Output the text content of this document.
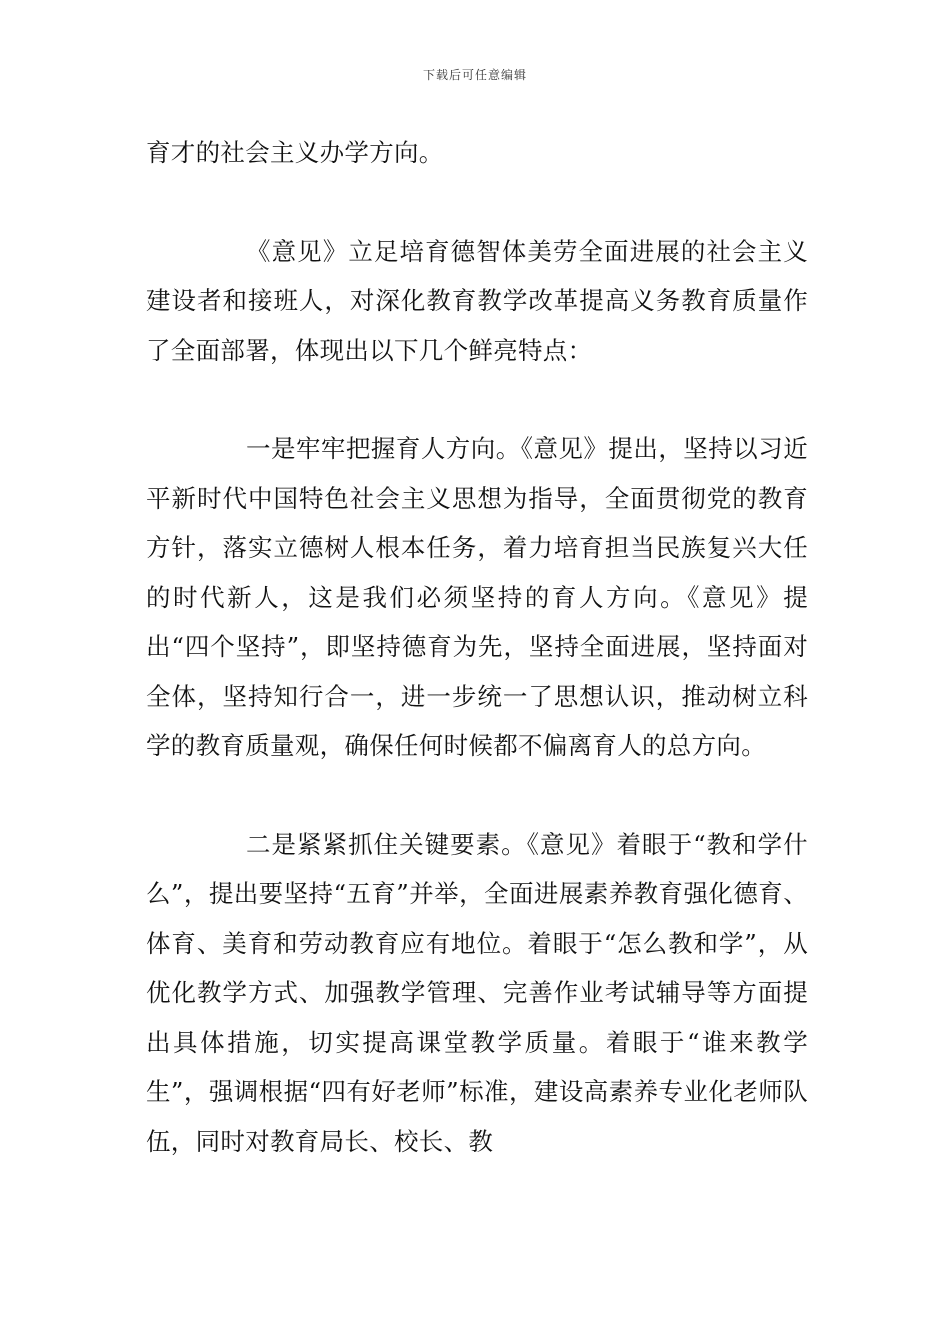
下载后可任意编辑

育才的社会主义办学方向。

《意见》立足培育德智体美劳全面进展的社会主义建设者和接班人，对深化教育教学改革提高义务教育质量作了全面部署，体现出以下几个鲜亮特点：

一是牢牢把握育人方向。《意见》提出，坚持以习近平新时代中国特色社会主义思想为指导，全面贯彻党的教育方针，落实立德树人根本任务，着力培育担当民族复兴大任的时代新人，这是我们必须坚持的育人方向。《意见》提出“四个坚持”，即坚持德育为先，坚持全面进展，坚持面对全体，坚持知行合一，进一步统一了思想认识，推动树立科学的教育质量观，确保任何时候都不偏离育人的总方向。

二是紧紧抓住关键要素。《意见》着眼于“教和学什么”，提出要坚持“五育”并举，全面进展素养教育强化德育、体育、美育和劳动教育应有地位。着眼于“怎么教和学”，从优化教学方式、加强教学管理、完善作业考试辅导等方面提出具体措施，切实提高课堂教学质量。着眼于“谁来教学生”，强调根据“四有好老师”标准，建设高素养专业化老师队伍，同时对教育局长、校长、教
